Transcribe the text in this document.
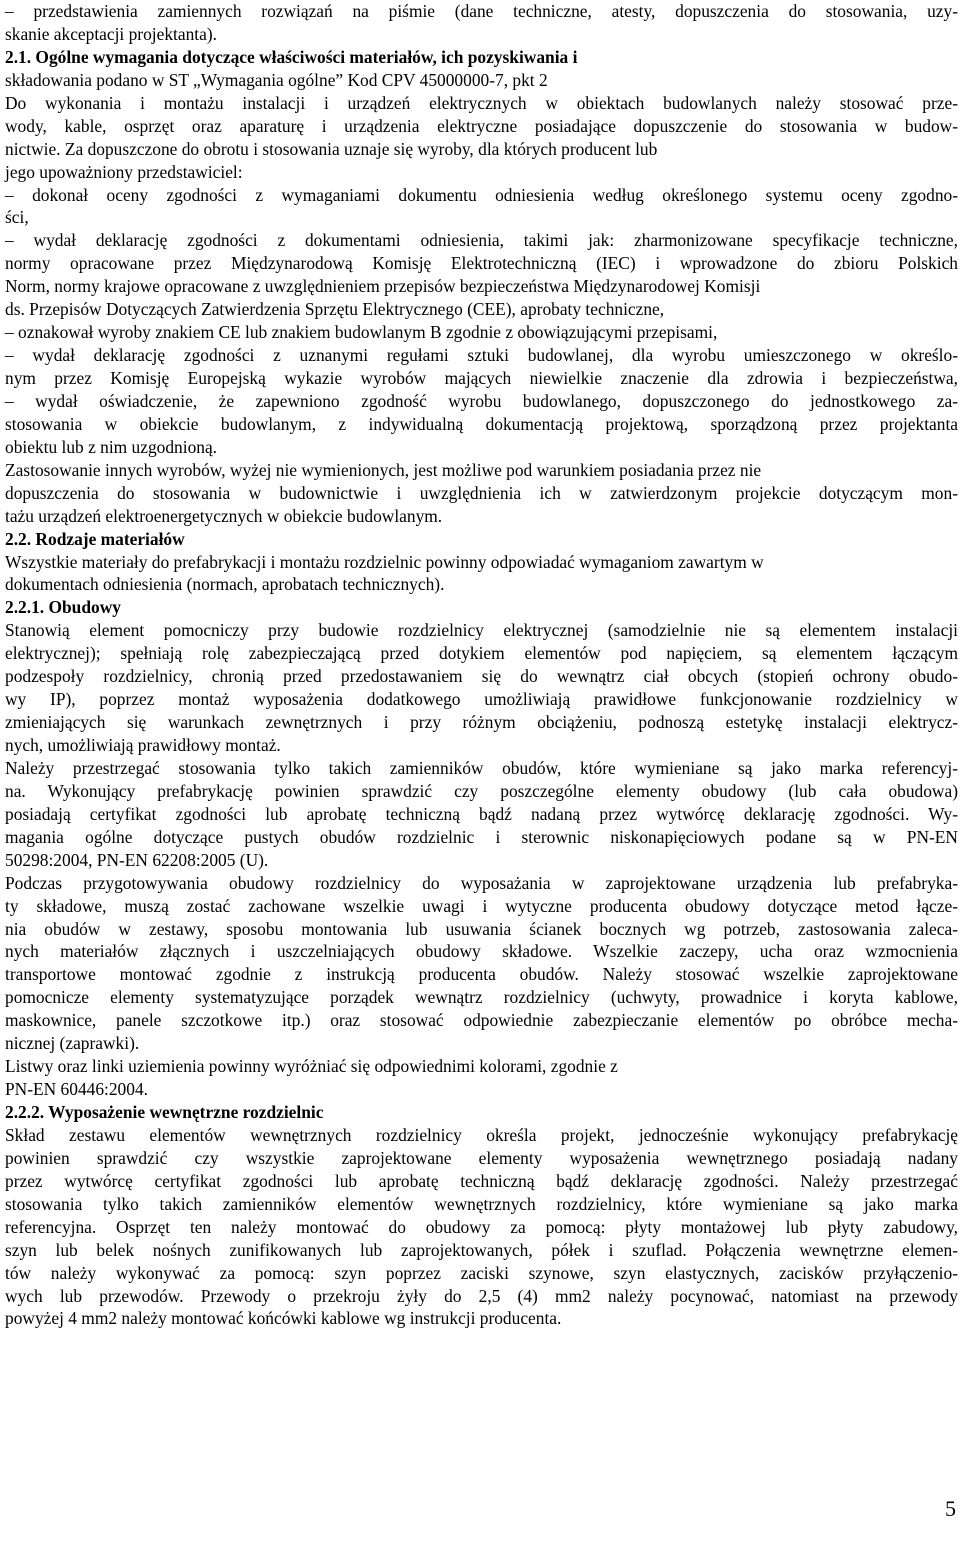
– przedstawienia zamiennych rozwiązań na piśmie (dane techniczne, atesty, dopuszczenia do stosowania, uzy-
skanie akceptacji projektanta).
2.1. Ogólne wymagania dotyczące właściwości materiałów, ich pozyskiwania i
składowania podano w ST „Wymagania ogólne” Kod CPV 45000000-7, pkt 2
Do wykonania i montażu instalacji i urządzeń elektrycznych w obiektach budowlanych należy stosować prze-
wody, kable, osprzęt oraz aparaturę i urządzenia elektryczne posiadające dopuszczenie do stosowania w budow-
nictwie. Za dopuszczone do obrotu i stosowania uznaje się wyroby, dla których producent lub
jego upoważniony przedstawiciel:
– dokonał oceny zgodności z wymaganiami dokumentu odniesienia według określonego systemu oceny zgodno-
ści,
– wydał deklarację zgodności z dokumentami odniesienia, takimi jak: zharmonizowane specyfikacje techniczne,
normy opracowane przez Międzynarodową Komisję Elektrotechniczną (IEC) i wprowadzone do zbioru Polskich
Norm, normy krajowe opracowane z uwzględnieniem przepisów bezpieczeństwa Międzynarodowej Komisji
ds. Przepisów Dotyczących Zatwierdzenia Sprzętu Elektrycznego (CEE), aprobaty techniczne,
– oznakował wyroby znakiem CE lub znakiem budowlanym B zgodnie z obowiązującymi przepisami,
– wydał deklarację zgodności z uznanymi regułami sztuki budowlanej, dla wyrobu umieszczonego w określo-
nym przez Komisję Europejską wykazie wyrobów mających niewielkie znaczenie dla zdrowia i bezpieczeństwa,
– wydał oświadczenie, że zapewniono zgodność wyrobu budowlanego, dopuszczonego do jednostkowego za-
stosowania w obiekcie budowlanym, z indywidualną dokumentacją projektową, sporządzoną przez projektanta
obiektu lub z nim uzgodnioną.
Zastosowanie innych wyrobów, wyżej nie wymienionych, jest możliwe pod warunkiem posiadania przez nie
dopuszczenia do stosowania w budownictwie i uwzględnienia ich w zatwierdzonym projekcie dotyczącym mon-
tażu urządzeń elektroenergetycznych w obiekcie budowlanym.
2.2. Rodzaje materiałów
Wszystkie materiały do prefabrykacji i montażu rozdzielnic powinny odpowiadać wymaganiom zawartym w
dokumentach odniesienia (normach, aprobatach technicznych).
2.2.1. Obudowy
Stanowią element pomocniczy przy budowie rozdzielnicy elektrycznej (samodzielnie nie są elementem instalacji
elektrycznej); spełniają rolę zabezpieczającą przed dotykiem elementów pod napięciem, są elementem łączącym
podzespoły rozdzielnicy, chronią przed przedostawaniem się do wewnątrz ciał obcych (stopień ochrony obudo-
wy IP), poprzez montaż wyposażenia dodatkowego umożliwiają prawidłowe funkcjonowanie rozdzielnicy w
zmieniających się warunkach zewnętrznych i przy różnym obciążeniu, podnoszą estetykę instalacji elektrycz-
nych, umożliwiają prawidłowy montaż.
Należy przestrzegać stosowania tylko takich zamienników obudów, które wymieniane są jako marka referencyj-
na. Wykonujący prefabrykację powinien sprawdzić czy poszczególne elementy obudowy (lub cała obudowa)
posiadają certyfikat zgodności lub aprobatę techniczną bądź nadaną przez wytwórcę deklarację zgodności. Wy-
magania ogólne dotyczące pustych obudów rozdzielnic i sterownic niskonapięciowych podane są w PN-EN
50298:2004, PN-EN 62208:2005 (U).
Podczas przygotowywania obudowy rozdzielnicy do wyposażania w zaprojektowane urządzenia lub prefabryka-
ty składowe, muszą zostać zachowane wszelkie uwagi i wytyczne producenta obudowy dotyczące metod łącze-
nia obudów w zestawy, sposobu montowania lub usuwania ścianek bocznych wg potrzeb, zastosowania zaleca-
nych materiałów złącznych i uszczelniających obudowy składowe. Wszelkie zaczepy, ucha oraz wzmocnienia
transportowe montować zgodnie z instrukcją producenta obudów. Należy stosować wszelkie zaprojektowane
pomocnicze elementy systematyzujące porządek wewnątrz rozdzielnicy (uchwyty, prowadnice i koryta kablowe,
maskownice, panele szczotkowe itp.) oraz stosować odpowiednie zabezpieczanie elementów po obróbce mecha-
nicznej (zaprawki).
Listwy oraz linki uziemienia powinny wyróżniać się odpowiednimi kolorami, zgodnie z
PN-EN 60446:2004.
2.2.2. Wyposażenie wewnętrzne rozdzielnic
Skład zestawu elementów wewnętrznych rozdzielnicy określa projekt, jednocześnie wykonujący prefabrykację
powinien sprawdzić czy wszystkie zaprojektowane elementy wyposażenia wewnętrznego posiadają nadany
przez wytwórcę certyfikat zgodności lub aprobatę techniczną bądź deklarację zgodności. Należy przestrzegać
stosowania tylko takich zamienników elementów wewnętrznych rozdzielnicy, które wymieniane są jako marka
referencyjna. Osprzęt ten należy montować do obudowy za pomocą: płyty montażowej lub płyty zabudowy,
szyn lub belek nośnych zunifikowanych lub zaprojektowanych, półek i szuflad. Połączenia wewnętrzne elemen-
tów należy wykonywać za pomocą: szyn poprzez zaciski szynowe, szyn elastycznych, zacisków przyłączenio-
wych lub przewodów. Przewody o przekroju żyły do 2,5 (4) mm2 należy pocynować, natomiast na przewody
powyżej 4 mm2 należy montować końcówki kablowe wg instrukcji producenta.
5
